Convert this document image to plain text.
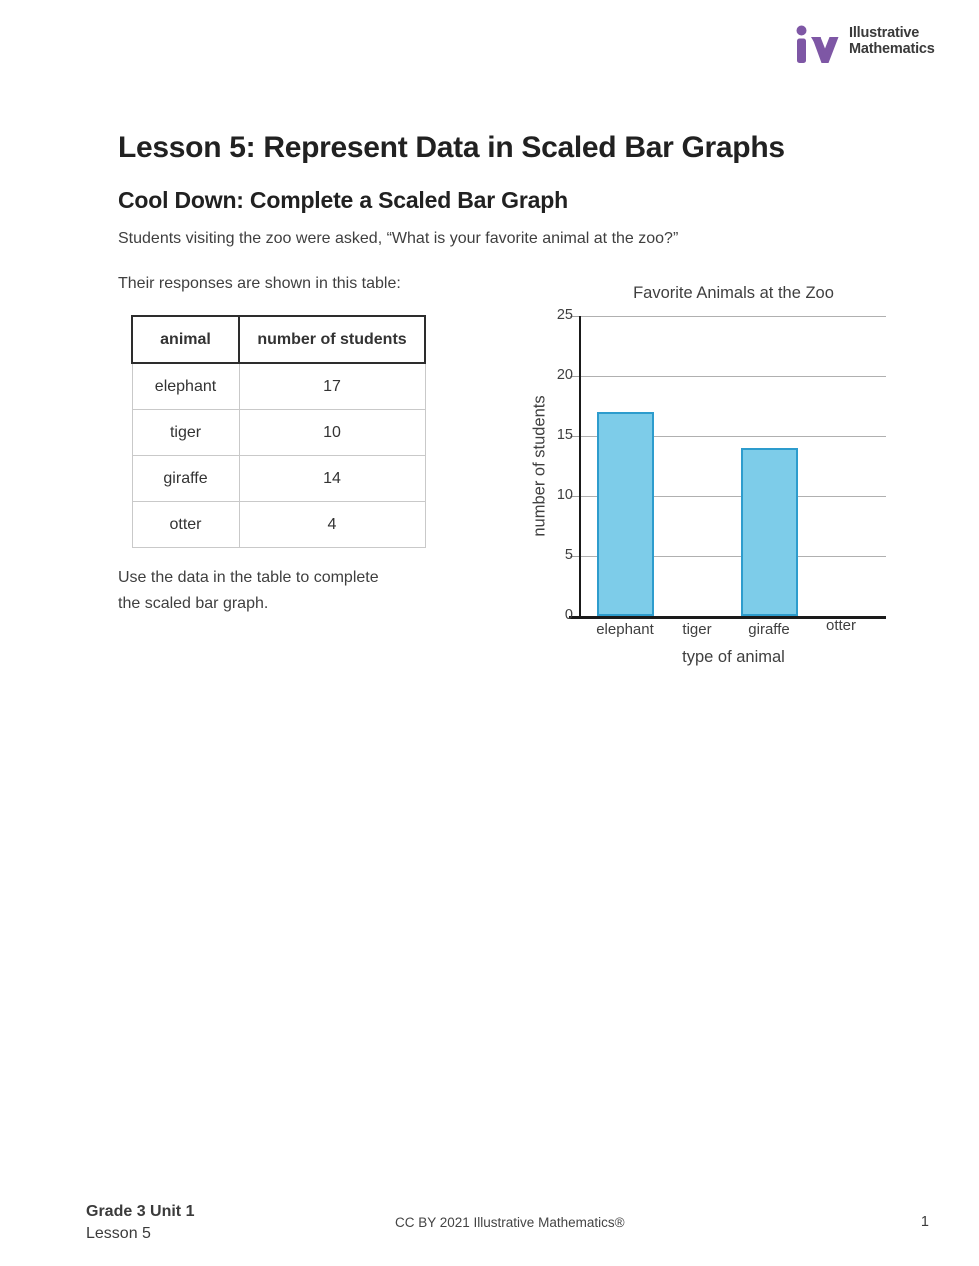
Illustrative
Mathematics
Lesson 5: Represent Data in Scaled Bar Graphs
Cool Down: Complete a Scaled Bar Graph
Students visiting the zoo were asked, “What is your favorite animal at the zoo?”
Their responses are shown in this table:
animal	number of students
elephant	17
tiger	10
giraffe	14
otter	4
Use the data in the table to complete
the scaled bar graph.
Favorite Animals at the Zoo
0
5
10
15
20
25
elephant	tiger	giraffe	otter
number of students
type of animal
Grade 3 Unit 1
Lesson 5
CC BY 2021 Illustrative Mathematics®	1
